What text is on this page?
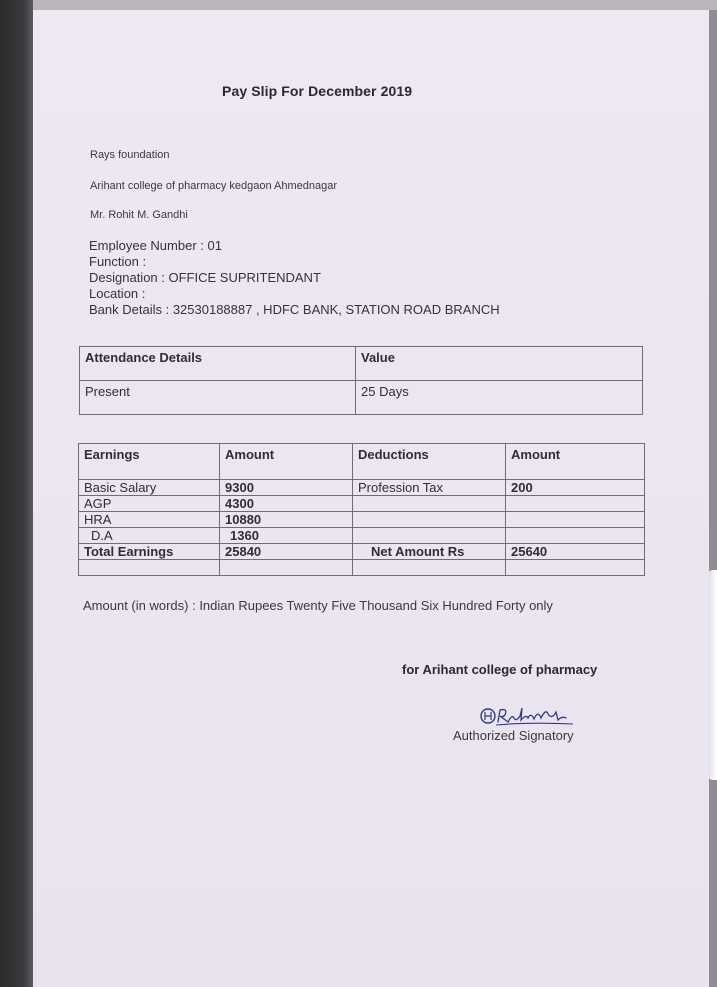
Pay Slip For December 2019
Rays foundation
Arihant college of pharmacy kedgaon Ahmednagar
Mr. Rohit M. Gandhi
Employee Number : 01
Function :
Designation : OFFICE SUPRITENDANT
Location :
Bank Details : 32530188887 , HDFC BANK, STATION ROAD BRANCH
Attendance Details	Value
Present	25 Days
Earnings	Amount	Deductions	Amount
Basic Salary	9300	Profession Tax	200
AGP	4300		
HRA	10880		
D.A	1360		
Total Earnings	25840	Net Amount Rs	25640

Amount (in words) : Indian Rupees Twenty Five Thousand Six Hundred Forty only
for Arihant college of pharmacy
Authorized Signatory
